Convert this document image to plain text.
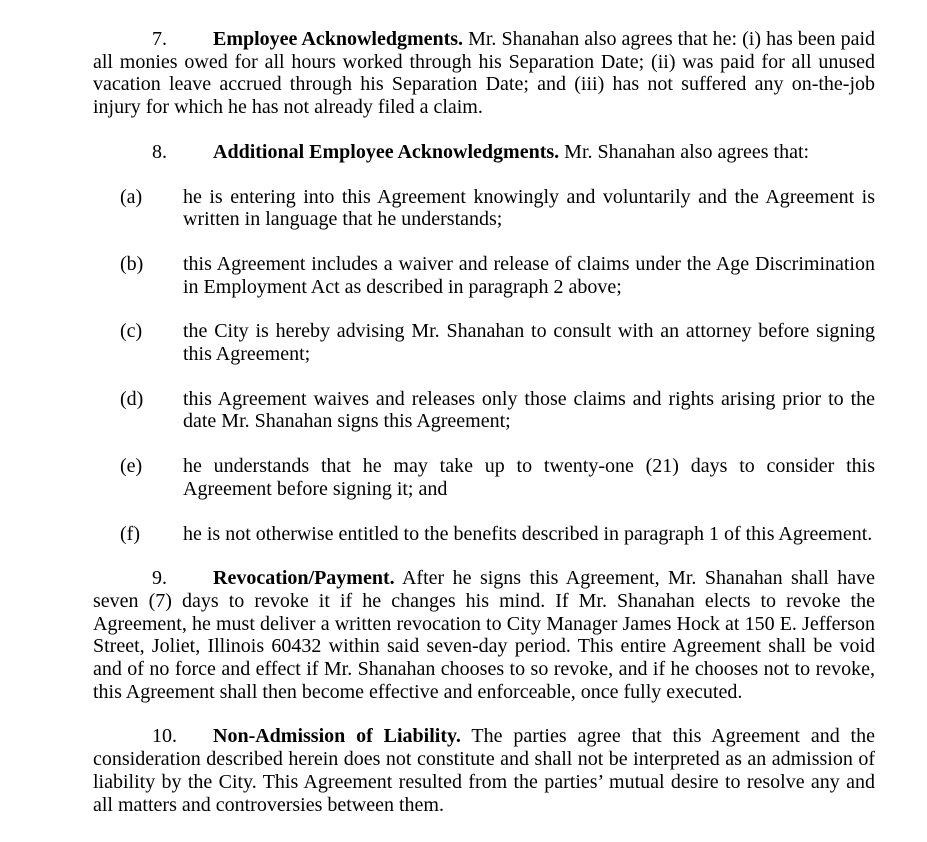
7. Employee Acknowledgments. Mr. Shanahan also agrees that he: (i) has been paid all monies owed for all hours worked through his Separation Date; (ii) was paid for all unused vacation leave accrued through his Separation Date; and (iii) has not suffered any on-the-job injury for which he has not already filed a claim.

8. Additional Employee Acknowledgments. Mr. Shanahan also agrees that:

(a)	he is entering into this Agreement knowingly and voluntarily and the Agreement is written in language that he understands;
(b)	this Agreement includes a waiver and release of claims under the Age Discrimination in Employment Act as described in paragraph 2 above;
(c)	the City is hereby advising Mr. Shanahan to consult with an attorney before signing this Agreement;
(d)	this Agreement waives and releases only those claims and rights arising prior to the date Mr. Shanahan signs this Agreement;
(e)	he understands that he may take up to twenty-one (21) days to consider this Agreement before signing it; and
(f)	he is not otherwise entitled to the benefits described in paragraph 1 of this Agreement.

9. Revocation/Payment. After he signs this Agreement, Mr. Shanahan shall have seven (7) days to revoke it if he changes his mind. If Mr. Shanahan elects to revoke the Agreement, he must deliver a written revocation to City Manager James Hock at 150 E. Jefferson Street, Joliet, Illinois 60432 within said seven-day period. This entire Agreement shall be void and of no force and effect if Mr. Shanahan chooses to so revoke, and if he chooses not to revoke, this Agreement shall then become effective and enforceable, once fully executed.

10. Non-Admission of Liability. The parties agree that this Agreement and the consideration described herein does not constitute and shall not be interpreted as an admission of liability by the City. This Agreement resulted from the parties’ mutual desire to resolve any and all matters and controversies between them.
